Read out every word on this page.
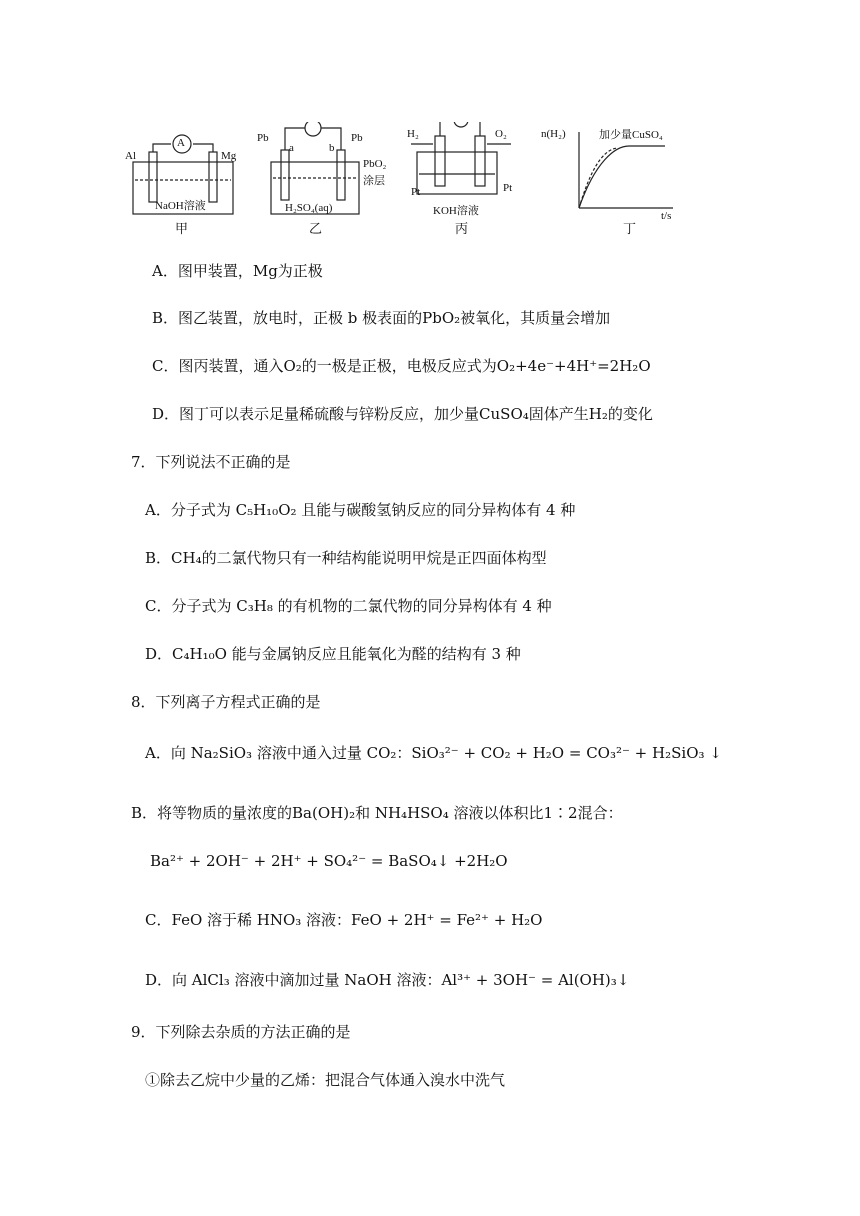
Al	Mg
A
NaOH溶液
甲
Pb
a	b
Pb
PbO₂
涂层
H₂SO₄(aq)
乙
H₂	O₂
Pt	Pt
KOH溶液
丙
n(H₂)	加少量CuSO₄
t/s
丁
A．图甲装置，Mg为正极
B．图乙装置，放电时，正极 b 极表面的PbO₂被氧化，其质量会增加
C．图丙装置，通入O₂的一极是正极，电极反应式为O₂+4e⁻+4H⁺=2H₂O
D．图丁可以表示足量稀硫酸与锌粉反应，加少量CuSO₄固体产生H₂的变化
7．下列说法不正确的是
A．分子式为 C₅H₁₀O₂ 且能与碳酸氢钠反应的同分异构体有 4 种
B．CH₄的二氯代物只有一种结构能说明甲烷是正四面体构型
C．分子式为 C₃H₈ 的有机物的二氯代物的同分异构体有 4 种
D．C₄H₁₀O 能与金属钠反应且能氧化为醛的结构有 3 种
8．下列离子方程式正确的是
A．向 Na₂SiO₃ 溶液中通入过量 CO₂：SiO₃²⁻ + CO₂ + H₂O = CO₃²⁻ + H₂SiO₃ ↓
B．将等物质的量浓度的Ba(OH)₂和 NH₄HSO₄ 溶液以体积比1∶2混合：
Ba²⁺ + 2OH⁻ + 2H⁺ + SO₄²⁻ = BaSO₄↓ +2H₂O
C．FeO 溶于稀 HNO₃ 溶液：FeO + 2H⁺ = Fe²⁺ + H₂O
D．向 AlCl₃ 溶液中滴加过量 NaOH 溶液：Al³⁺ + 3OH⁻ = Al(OH)₃↓
9．下列除去杂质的方法正确的是
①除去乙烷中少量的乙烯：把混合气体通入溴水中洗气
